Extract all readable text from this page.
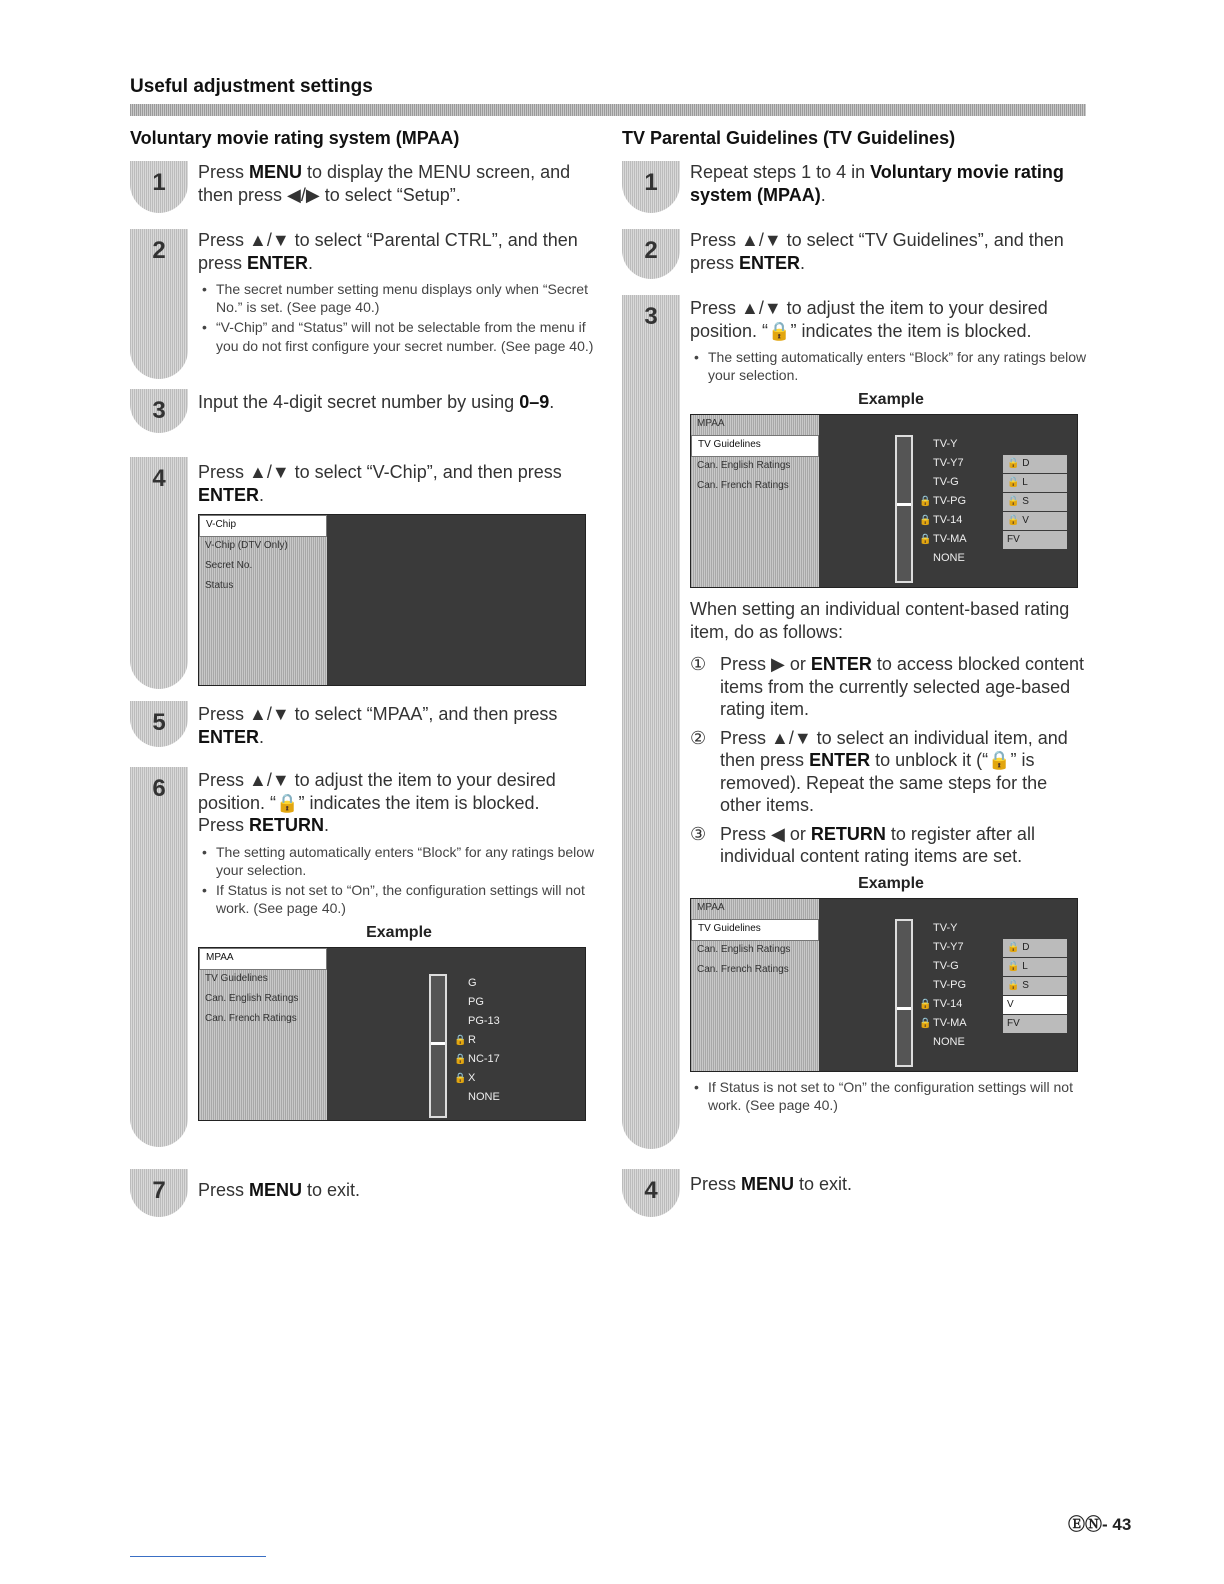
Useful adjustment settings
Voluntary movie rating system (MPAA)
1	Press MENU to display the MENU screen, and then press ◀/▶ to select “Setup”.
2	Press ▲/▼ to select “Parental CTRL”, and then press ENTER.
• The secret number setting menu displays only when “Secret No.” is set. (See page 40.)
• “V-Chip” and “Status” will not be selectable from the menu if you do not first configure your secret number. (See page 40.)
3	Input the 4-digit secret number by using 0–9.
4	Press ▲/▼ to select “V-Chip”, and then press ENTER.
V-Chip
V-Chip (DTV Only)
Secret No.
Status
5	Press ▲/▼ to select “MPAA”, and then press ENTER.
6	Press ▲/▼ to adjust the item to your desired position. “🔒” indicates the item is blocked.
Press RETURN.
• The setting automatically enters “Block” for any ratings below your selection.
• If Status is not set to “On”, the configuration settings will not work. (See page 40.)
Example
MPAA
TV Guidelines
Can. English Ratings
Can. French Ratings
G
PG
PG-13
🔒 R
🔒 NC-17
🔒 X
NONE
7	Press MENU to exit.
TV Parental Guidelines (TV Guidelines)
1	Repeat steps 1 to 4 in Voluntary movie rating system (MPAA).
2	Press ▲/▼ to select “TV Guidelines”, and then press ENTER.
3	Press ▲/▼ to adjust the item to your desired position. “🔒” indicates the item is blocked.
• The setting automatically enters “Block” for any ratings below your selection.
Example
MPAA
TV Guidelines
Can. English Ratings
Can. French Ratings
TV-Y
TV-Y7
TV-G
🔒 TV-PG
🔒 TV-14
🔒 TV-MA
NONE
🔒 D
🔒 L
🔒 S
🔒 V
FV
When setting an individual content-based rating item, do as follows:
① Press ▶ or ENTER to access blocked content items from the currently selected age-based rating item.
② Press ▲/▼ to select an individual item, and then press ENTER to unblock it (“🔒” is removed). Repeat the same steps for the other items.
③ Press ◀ or RETURN to register after all individual content rating items are set.
Example
MPAA
TV Guidelines
Can. English Ratings
Can. French Ratings
TV-Y
TV-Y7
TV-G
TV-PG
🔒 TV-14
🔒 TV-MA
NONE
🔒 D
🔒 L
🔒 S
V
FV
• If Status is not set to “On” the configuration settings will not work. (See page 40.)
4	Press MENU to exit.
ⒺⓃ- 43
